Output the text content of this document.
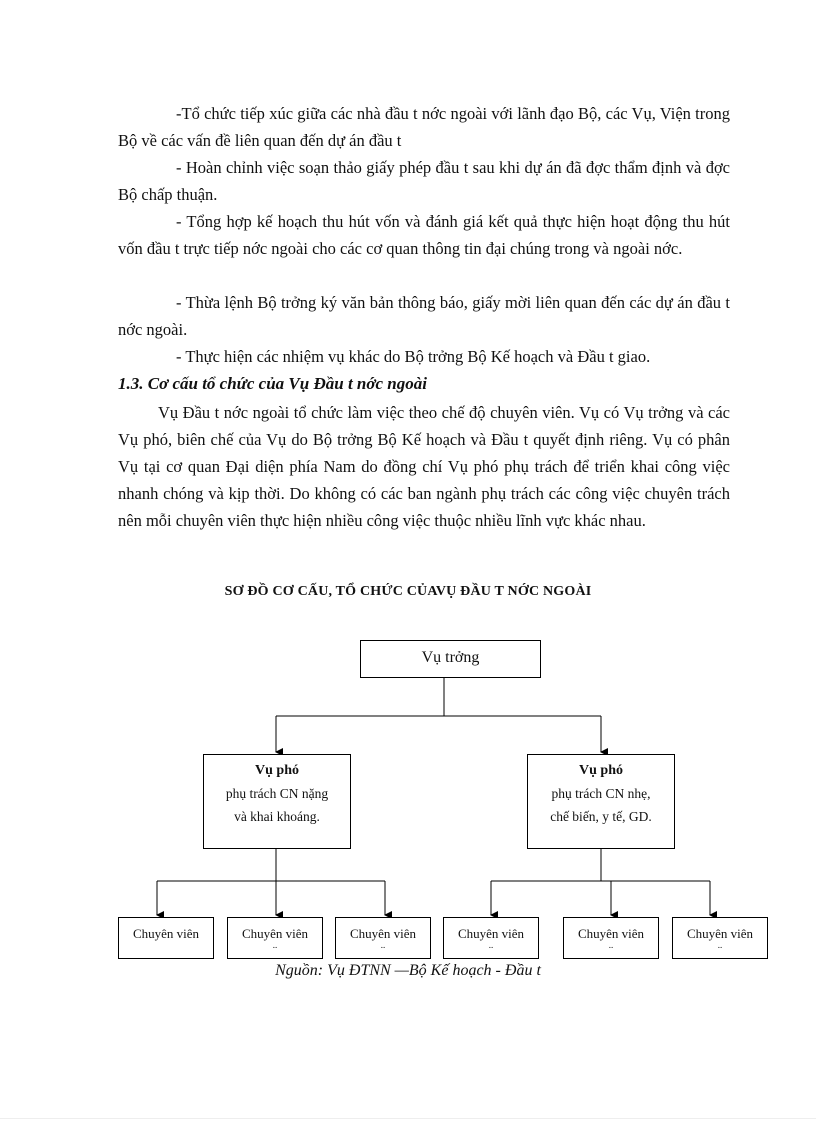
-Tổ chức tiếp xúc giữa các nhà đầu t nớc ngoài với lãnh đạo Bộ, các Vụ, Viện trong Bộ về các vấn đề liên quan đến dự án đầu t

- Hoàn chỉnh việc soạn thảo giấy phép đầu t sau khi dự án đã đợc thẩm định và đợc Bộ chấp thuận.

- Tổng hợp kế hoạch thu hút vốn và đánh giá kết quả thực hiện hoạt động thu hút vốn đầu t trực tiếp nớc ngoài cho các cơ quan thông tin đại chúng trong và ngoài nớc.

- Thừa lệnh Bộ trởng ký văn bản thông báo, giấy mời liên quan đến các dự án đầu t nớc ngoài.

- Thực hiện các nhiệm vụ khác do Bộ trởng Bộ Kế hoạch và Đầu t giao.

1.3. Cơ cấu tổ chức của Vụ Đầu t nớc ngoài

Vụ Đầu t nớc ngoài tổ chức làm việc theo chế độ chuyên viên. Vụ có Vụ trởng và các Vụ phó, biên chế của Vụ do Bộ trởng Bộ Kế hoạch và Đầu t quyết định riêng. Vụ có phân Vụ tại cơ quan Đại diện phía Nam do đồng chí Vụ phó phụ trách để triển khai công việc nhanh chóng và kịp thời. Do không có các ban ngành phụ trách các công việc chuyên trách nên mỗi chuyên viên thực hiện nhiều công việc thuộc nhiều lĩnh vực khác nhau.

SƠ ĐỒ CƠ CẤU, TỔ CHỨC CỦAVỤ ĐẦU T NỚC NGOÀI

Vụ trởng
Vụ phó
phụ trách CN nặng
và khai khoáng.
Vụ phó
phụ trách CN nhẹ,
chế biến, y tế, GD.
Chuyên viên	Chuyên viên
..
Chuyên viên
..
Chuyên viên
..
Chuyên viên
..
Chuyên viên
..

Nguồn: Vụ ĐTNN —Bộ Kế hoạch - Đầu t
